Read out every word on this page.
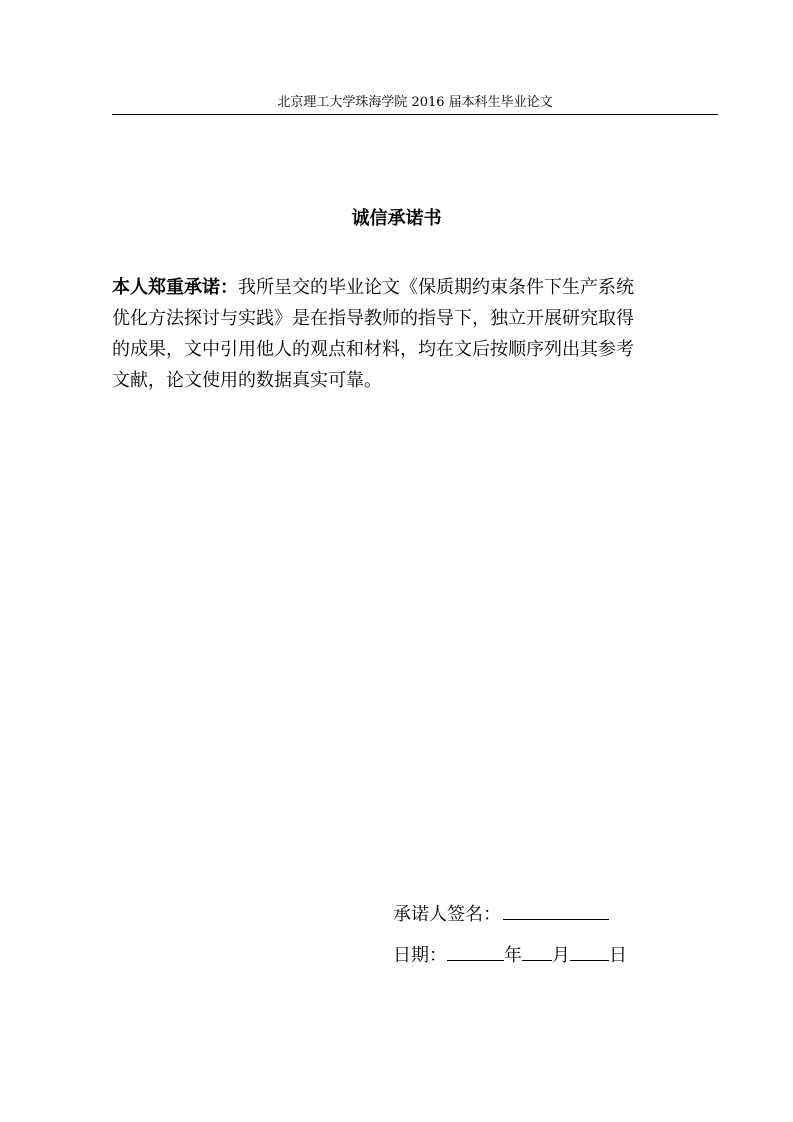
北京理工大学珠海学院 2016 届本科生毕业论文
诚信承诺书
本人郑重承诺：我所呈交的毕业论文《保质期约束条件下生产系统
优化方法探讨与实践》是在指导教师的指导下，独立开展研究取得
的成果，文中引用他人的观点和材料，均在文后按顺序列出其参考
文献，论文使用的数据真实可靠。
承诺人签名：
日期：	年 月 日
